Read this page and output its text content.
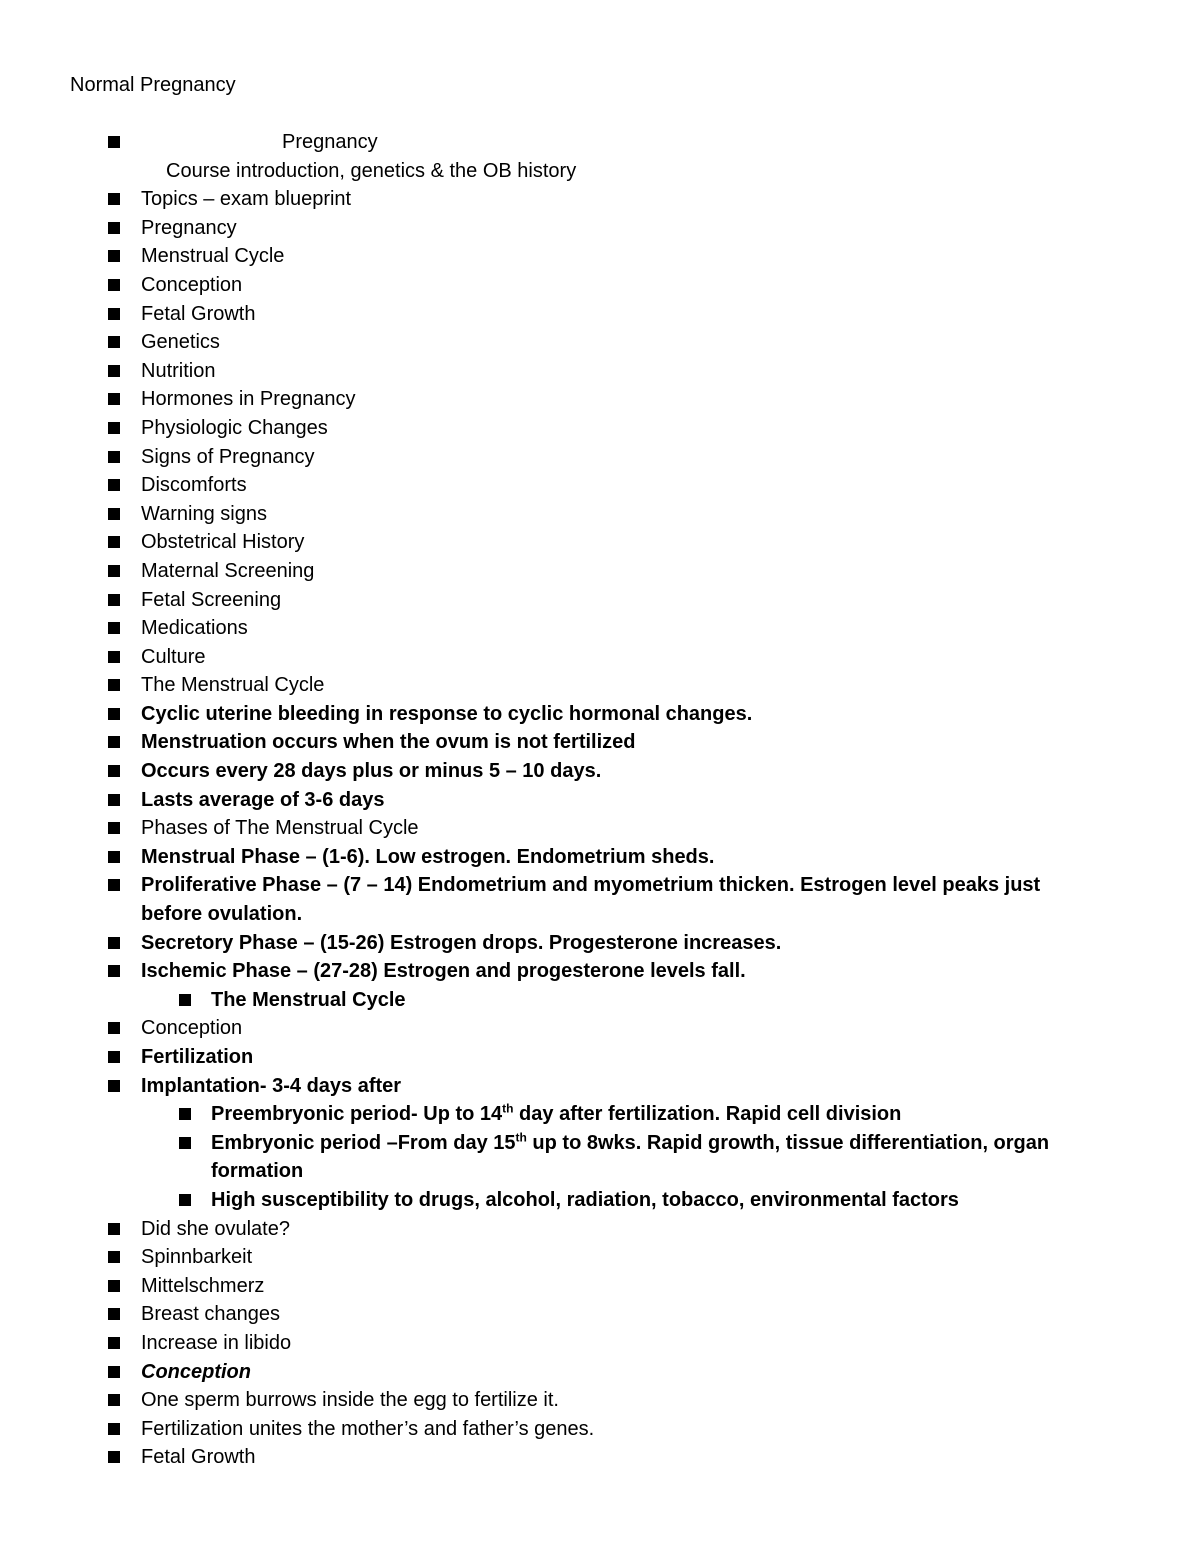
Normal Pregnancy
Pregnancy
Course introduction, genetics & the OB history
Topics – exam blueprint
Pregnancy
Menstrual Cycle
Conception
Fetal Growth
Genetics
Nutrition
Hormones in Pregnancy
Physiologic Changes
Signs of Pregnancy
Discomforts
Warning signs
Obstetrical History
Maternal Screening
Fetal Screening
Medications
Culture
The Menstrual Cycle
Cyclic uterine bleeding in response to cyclic hormonal changes.
Menstruation occurs when the ovum is not fertilized
Occurs every 28 days plus or minus 5 – 10 days.
Lasts average of 3-6 days
Phases of The Menstrual Cycle
Menstrual Phase – (1-6). Low estrogen. Endometrium sheds.
Proliferative Phase – (7 – 14) Endometrium and myometrium thicken. Estrogen level peaks just before ovulation.
Secretory Phase – (15-26) Estrogen drops. Progesterone increases.
Ischemic Phase – (27-28) Estrogen and progesterone levels fall.
The Menstrual Cycle
Conception
Fertilization
Implantation- 3-4 days after
Preembryonic period- Up to 14th day after fertilization. Rapid cell division
Embryonic period –From day 15th up to 8wks. Rapid growth, tissue differentiation, organ formation
High susceptibility to drugs, alcohol, radiation, tobacco, environmental factors
Did she ovulate?
Spinnbarkeit
Mittelschmerz
Breast changes
Increase in libido
Conception
One sperm burrows inside the egg to fertilize it.
Fertilization unites the mother’s and father’s genes.
Fetal Growth
